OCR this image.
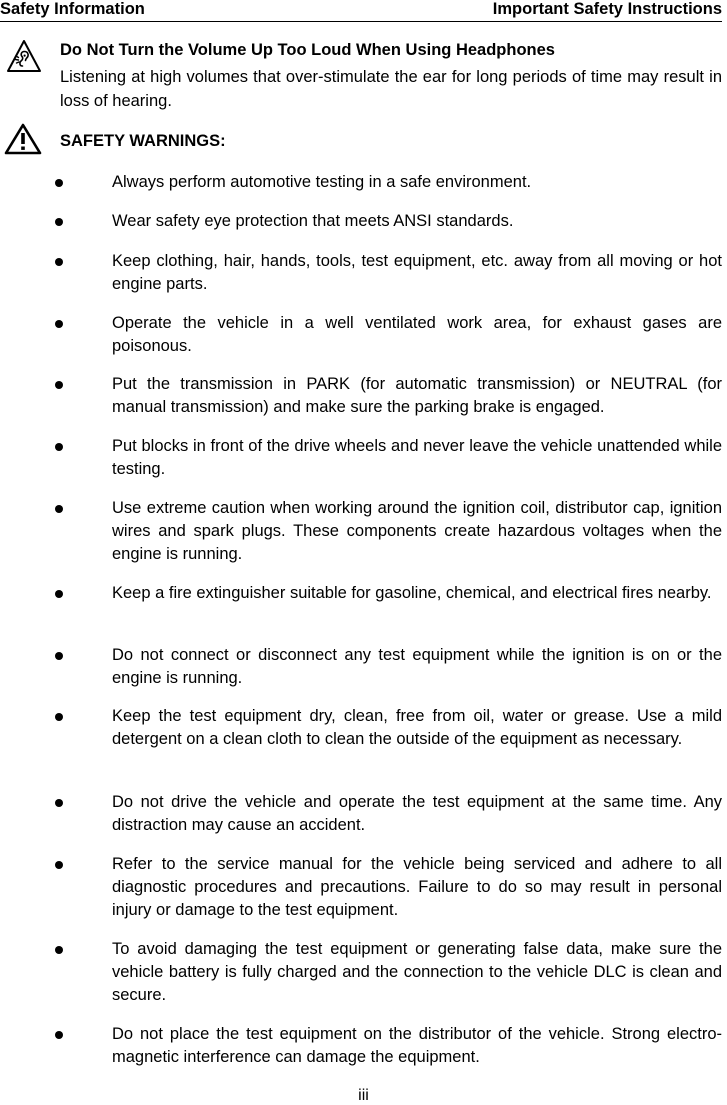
Safety Information	Important Safety Instructions
Do Not Turn the Volume Up Too Loud When Using Headphones
Listening at high volumes that over-stimulate the ear for long periods of time may result in loss of hearing.
SAFETY WARNINGS:
Always perform automotive testing in a safe environment.
Wear safety eye protection that meets ANSI standards.
Keep clothing, hair, hands, tools, test equipment, etc. away from all moving or hot engine parts.
Operate the vehicle in a well ventilated work area, for exhaust gases are poisonous.
Put the transmission in PARK (for automatic transmission) or NEUTRAL (for manual transmission) and make sure the parking brake is engaged.
Put blocks in front of the drive wheels and never leave the vehicle unattended while testing.
Use extreme caution when working around the ignition coil, distributor cap, ignition wires and spark plugs. These components create hazardous voltages when the engine is running.
Keep a fire extinguisher suitable for gasoline, chemical, and electrical fires nearby.
Do not connect or disconnect any test equipment while the ignition is on or the engine is running.
Keep the test equipment dry, clean, free from oil, water or grease. Use a mild detergent on a clean cloth to clean the outside of the equipment as necessary.
Do not drive the vehicle and operate the test equipment at the same time. Any distraction may cause an accident.
Refer to the service manual for the vehicle being serviced and adhere to all diagnostic procedures and precautions. Failure to do so may result in personal injury or damage to the test equipment.
To avoid damaging the test equipment or generating false data, make sure the vehicle battery is fully charged and the connection to the vehicle DLC is clean and secure.
Do not place the test equipment on the distributor of the vehicle. Strong electro-magnetic interference can damage the equipment.
iii
